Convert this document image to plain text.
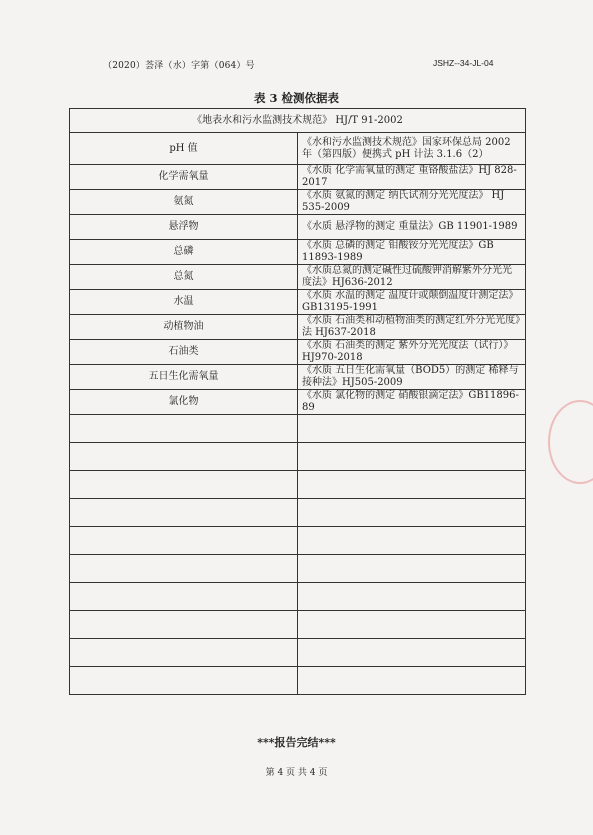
（2020）荟泽（水）字第（064）号	JSHZ--34-JL-04
表 3 检测依据表
《地表水和污水监测技术规范》 HJ/T 91-2002	
pH 值	《水和污水监测技术规范》国家环保总局 2002 年（第四版）便携式 pH 计法 3.1.6（2）
化学需氧量	《水质 化学需氧量的测定 重铬酸盐法》HJ 828-2017
氨氮	《水质 氨氮的测定 纳氏试剂分光光度法》 HJ 535-2009
悬浮物	《水质 悬浮物的测定 重量法》GB 11901-1989
总磷	《水质 总磷的测定 钼酸铵分光光度法》GB 11893-1989
总氮	《水质总氮的测定碱性过硫酸钾消解紫外分光光度法》HJ636-2012
水温	《水质 水温的测定 温度计或颠倒温度计测定法》GB13195-1991
动植物油	《水质 石油类和动植物油类的测定红外分光光度》法 HJ637-2018
石油类	《水质 石油类的测定 紫外分光光度法（试行）》HJ970-2018
五日生化需氧量	《水质 五日生化需氧量（BOD5）的测定 稀释与接种法》HJ505-2009
氯化物	《水质 氯化物的测定 硝酸银滴定法》GB11896-89

***报告完结***
第 4 页 共 4 页
